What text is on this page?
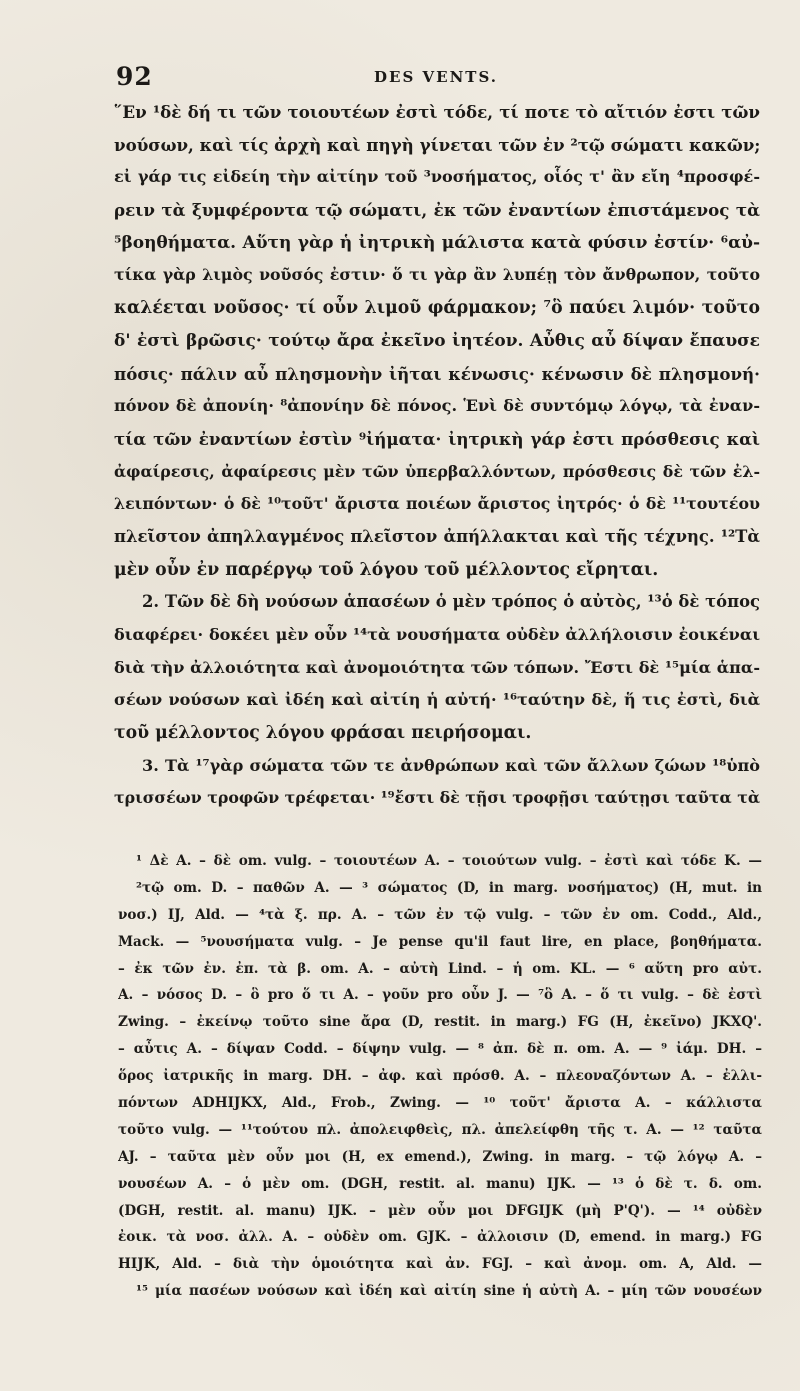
92	DES VENTS.
῞Εν ¹δὲ δή τι τῶν τοιουτέων ἐστὶ τόδε, τί ποτε τὸ αἴτιόν ἐστι τῶν
νούσων, καὶ τίς ἀρχὴ καὶ πηγὴ γίνεται τῶν ἐν ²τῷ σώματι κακῶν;
εἰ γάρ τις εἰδείη τὴν αἰτίην τοῦ ³νοσήματος, οἷός τ' ἂν εἴη ⁴προσφέ-
ρειν τὰ ξυμφέροντα τῷ σώματι, ἐκ τῶν ἐναντίων ἐπιστάμενος τὰ
⁵βοηθήματα. Αὕτη γὰρ ἡ ἰητρικὴ μάλιστα κατὰ φύσιν ἐστίν· ⁶αὐ-
τίκα γὰρ λιμὸς νοῦσός ἐστιν· ὅ τι γὰρ ἂν λυπέῃ τὸν ἄνθρωπον, τοῦτο
καλέεται νοῦσος· τί οὖν λιμοῦ φάρμακον; ⁷ὃ παύει λιμόν· τοῦτο
δ' ἐστὶ βρῶσις· τούτῳ ἄρα ἐκεῖνο ἰητέον. Αὖθις αὖ δίψαν ἔπαυσε
πόσις· πάλιν αὖ πλησμονὴν ἰῆται κένωσις· κένωσιν δὲ πλησμονή·
πόνον δὲ ἀπονίη· ⁸ἀπονίην δὲ πόνος. Ἑνὶ δὲ συντόμῳ λόγῳ, τὰ ἐναν-
τία τῶν ἐναντίων ἐστὶν ⁹ἰήματα· ἰητρικὴ γάρ ἐστι πρόσθεσις καὶ
ἀφαίρεσις, ἀφαίρεσις μὲν τῶν ὑπερβαλλόντων, πρόσθεσις δὲ τῶν ἐλ-
λειπόντων· ὁ δὲ ¹⁰τοῦτ' ἄριστα ποιέων ἄριστος ἰητρός· ὁ δὲ ¹¹τουτέου
πλεῖστον ἀπηλλαγμένος πλεῖστον ἀπήλλακται καὶ τῆς τέχνης. ¹²Τὰ
μὲν οὖν ἐν παρέργῳ τοῦ λόγου τοῦ μέλλοντος εἴρηται.
2. Τῶν δὲ δὴ νούσων ἁπασέων ὁ μὲν τρόπος ὁ αὐτὸς, ¹³ὁ δὲ τόπος
διαφέρει· δοκέει μὲν οὖν ¹⁴τὰ νουσήματα οὐδὲν ἀλλήλοισιν ἐοικέναι
διὰ τὴν ἀλλοιότητα καὶ ἀνομοιότητα τῶν τόπων. Ἔστι δὲ ¹⁵μία ἁπα-
σέων νούσων καὶ ἰδέη καὶ αἰτίη ἡ αὐτή· ¹⁶ταύτην δὲ, ἥ τις ἐστὶ, διὰ
τοῦ μέλλοντος λόγου φράσαι πειρήσομαι.
3. Τὰ ¹⁷γὰρ σώματα τῶν τε ἀνθρώπων καὶ τῶν ἄλλων ζώων ¹⁸ὑπὸ
τρισσέων τροφῶν τρέφεται· ¹⁹ἔστι δὲ τῇσι τροφῇσι ταύτῃσι ταῦτα τὰ
¹ Δὲ A. – δὲ om. vulg. – τοιουτέων A. – τοιούτων vulg. – ἐστὶ καὶ τόδε K. —
²τῷ om. D. – παθῶν A. — ³ σώματος (D, in marg. νοσήματος) (H, mut. in
νοσ.) IJ, Ald. — ⁴τὰ ξ. πρ. A. – τῶν ἐν τῷ vulg. – τῶν ἐν om. Codd., Ald.,
Mack. — ⁵νουσήματα vulg. – Je pense qu'il faut lire, en place, βοηθήματα.
– ἐκ τῶν ἐν. ἐπ. τὰ β. om. A. – αὐτὴ Lind. – ἡ om. KL. — ⁶ αὕτη pro αὐτ.
A. – νόσος D. – ὃ pro ὅ τι A. – γοῦν pro οὖν J. — ⁷ὃ A. – ὅ τι vulg. – δὲ ἐστὶ
Zwing. – ἐκείνῳ τοῦτο sine ἄρα (D, restit. in marg.) FG (H, ἐκεῖνο) JKXQ'.
– αὖτις A. – δίψαν Codd. – δίψην vulg. — ⁸ ἀπ. δὲ π. om. A. — ⁹ ἰάμ. DH. –
ὅρος ἰατρικῆς in marg. DH. – ἀφ. καὶ πρόσθ. A. – πλεοναζόντων A. – ἐλλι-
πόντων ADHIJKX, Ald., Frob., Zwing. — ¹⁰ τοῦτ' ἄριστα A. – κάλλιστα
τοῦτο vulg. — ¹¹τούτου πλ. ἀπολειφθεὶς, πλ. ἀπελείφθη τῆς τ. A. — ¹² ταῦτα
AJ. – ταῦτα μὲν οὖν μοι (H, ex emend.), Zwing. in marg. – τῷ λόγῳ A. –
νουσέων A. – ὁ μὲν om. (DGH, restit. al. manu) IJK. — ¹³ ὁ δὲ τ. δ. om.
(DGH, restit. al. manu) IJK. – μὲν οὖν μοι DFGIJK (μὴ P'Q'). — ¹⁴ οὐδὲν
ἐοικ. τὰ νοσ. ἀλλ. A. – οὐδὲν om. GJK. – ἀλλοισιν (D, emend. in marg.) FG
HIJK, Ald. – διὰ τὴν ὁμοιότητα καὶ ἀν. FGJ. – καὶ ἀνομ. om. A, Ald. —
¹⁵ μία πασέων νούσων καὶ ἰδέη καὶ αἰτίη sine ἡ αὐτὴ A. – μίη τῶν νουσέων
